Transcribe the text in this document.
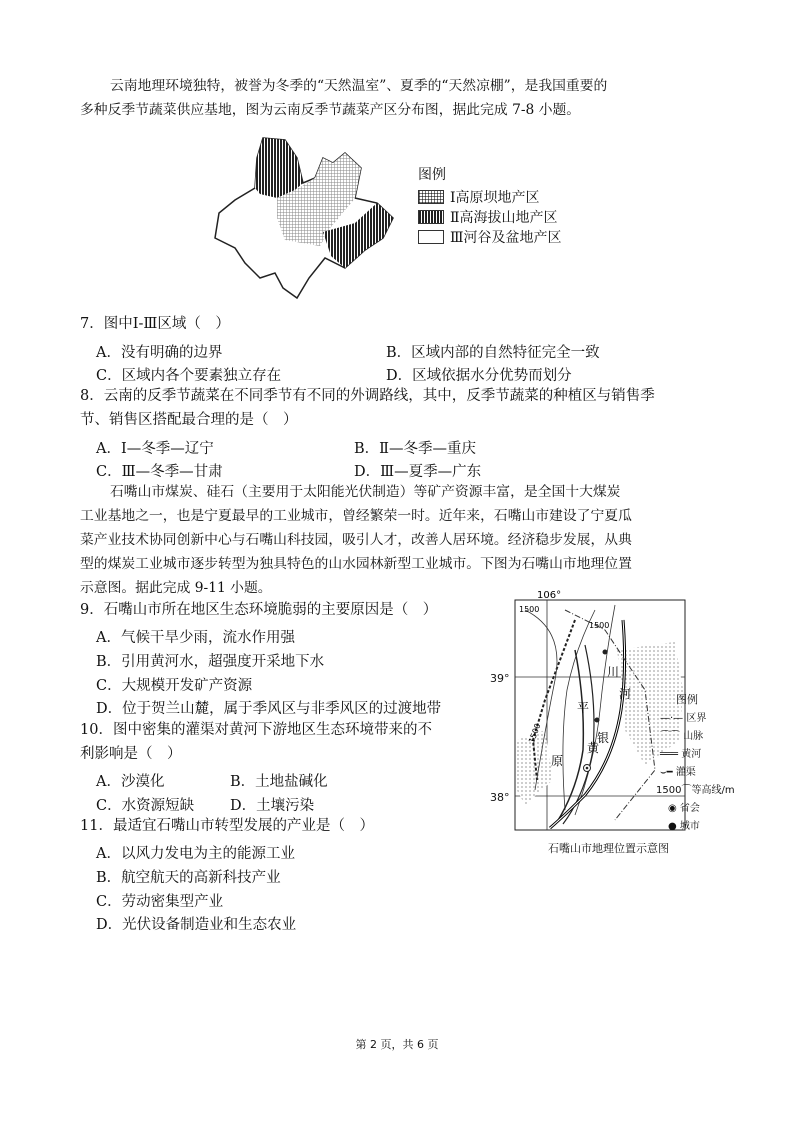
云南地理环境独特，被誉为冬季的“天然温室”、夏季的“天然凉棚”，是我国重要的
多种反季节蔬菜供应基地，图为云南反季节蔬菜产区分布图，据此完成 7-8 小题。
图例
Ⅰ高原坝地产区
Ⅱ高海拔山地产区
Ⅲ河谷及盆地产区
7．图中Ⅰ-Ⅲ区域（　）
A．没有明确的边界	B．区域内部的自然特征完全一致
C．区域内各个要素独立存在	D．区域依据水分优势而划分
8．云南的反季节蔬菜在不同季节有不同的外调路线，其中，反季节蔬菜的种植区与销售季
节、销售区搭配最合理的是（　）
A．Ⅰ—冬季—辽宁	B．Ⅱ—冬季—重庆
C．Ⅲ—冬季—甘肃	D．Ⅲ—夏季—广东
石嘴山市煤炭、硅石（主要用于太阳能光伏制造）等矿产资源丰富，是全国十大煤炭
工业基地之一，也是宁夏最早的工业城市，曾经繁荣一时。近年来，石嘴山市建设了宁夏瓜
菜产业技术协同创新中心与石嘴山科技园，吸引人才，改善人居环境。经济稳步发展，从典
型的煤炭工业城市逐步转型为独具特色的山水园林新型工业城市。下图为石嘴山市地理位置
示意图。据此完成 9-11 小题。
9．石嘴山市所在地区生态环境脆弱的主要原因是（　）
A．气候干旱少雨，流水作用强
B．引用黄河水，超强度开采地下水
C．大规模开发矿产资源
D．位于贺兰山麓，属于季风区与非季风区的过渡地带
10．图中密集的灌渠对黄河下游地区生态环境带来的不
利影响是（　）
A．沙漠化	B．土地盐碱化
C．水资源短缺 D．土壤污染
11．最适宜石嘴山市转型发展的产业是（　）
A．以风力发电为主的能源工业
B．航空航天的高新科技产业
C．劳动密集型产业
D．光伏设备制造业和生态农业
106°
1500
1500
1500
平
银
川
原
黄
河
39°
38°
图例
—·— 区界
⌒⌒ 山脉
═══ 黄河
⌣━ 灌渠
1500⌒等高线/m
◉ 省会
● 城市
石嘴山市地理位置示意图
第 2 页，共 6 页
